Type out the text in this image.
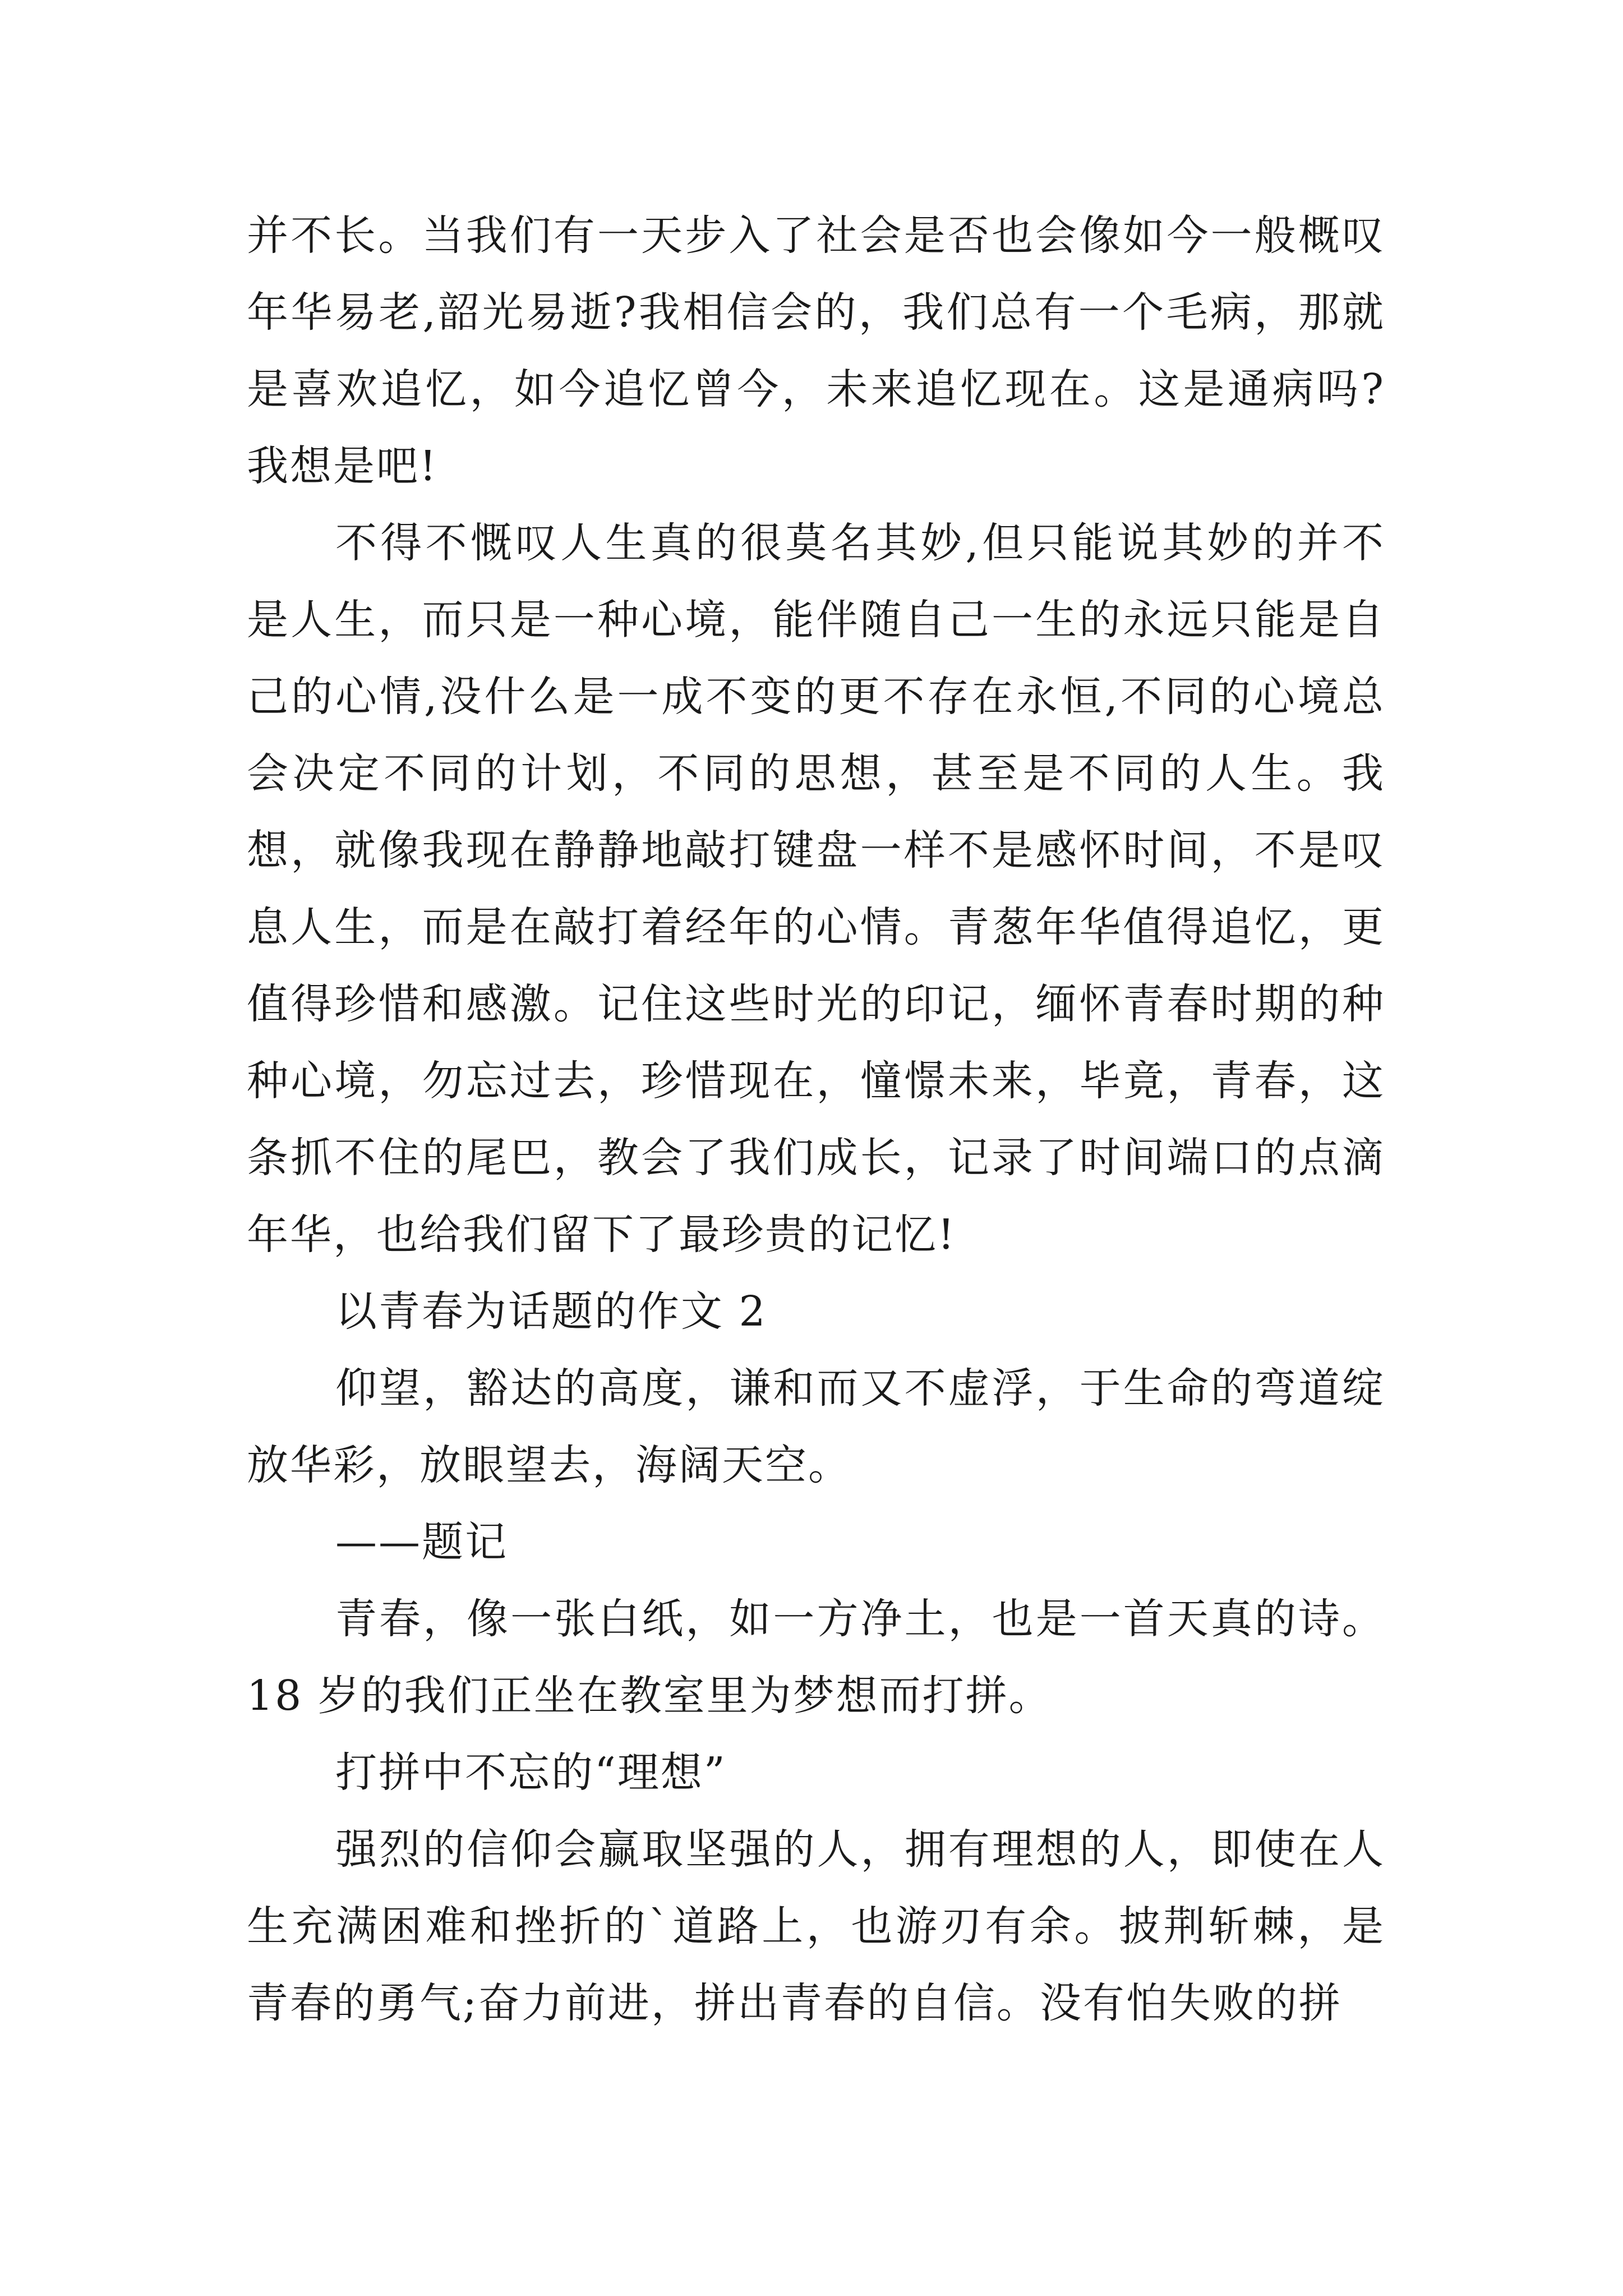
并不长。当我们有一天步入了社会是否也会像如今一般概叹年华易老,韶光易逝?我相信会的，我们总有一个毛病，那就是喜欢追忆，如今追忆曾今，未来追忆现在。这是通病吗?我想是吧!

不得不慨叹人生真的很莫名其妙,但只能说其妙的并不是人生，而只是一种心境，能伴随自己一生的永远只能是自己的心情,没什么是一成不变的更不存在永恒,不同的心境总会决定不同的计划，不同的思想，甚至是不同的人生。我想，就像我现在静静地敲打键盘一样不是感怀时间，不是叹息人生，而是在敲打着经年的心情。青葱年华值得追忆，更值得珍惜和感激。记住这些时光的印记，缅怀青春时期的种种心境，勿忘过去，珍惜现在，憧憬未来，毕竟，青春，这条抓不住的尾巴，教会了我们成长，记录了时间端口的点滴年华，也给我们留下了最珍贵的记忆!

以青春为话题的作文 2

仰望，豁达的高度，谦和而又不虚浮，于生命的弯道绽放华彩，放眼望去，海阔天空。

——题记

青春，像一张白纸，如一方净土，也是一首天真的诗。18 岁的我们正坐在教室里为梦想而打拼。

打拼中不忘的“理想”

强烈的信仰会赢取坚强的人，拥有理想的人，即使在人生充满困难和挫折的`道路上，也游刃有余。披荆斩棘，是青春的勇气;奋力前进，拼出青春的自信。没有怕失败的拼
